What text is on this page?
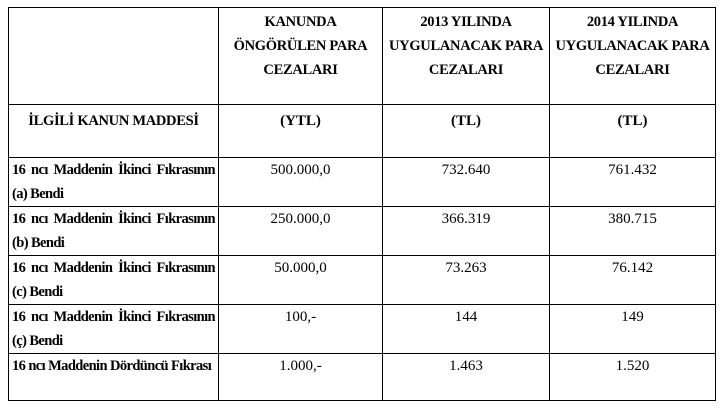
	KANUNDA ÖNGÖRÜLEN PARA CEZALARI	2013 YILINDA UYGULANACAK PARA CEZALARI	2014 YILINDA UYGULANACAK PARA CEZALARI
İLGİLİ KANUN MADDESİ	(YTL)	(TL)	(TL)
16 ncı Maddenin İkinci Fıkrasının (a) Bendi	500.000,0	732.640	761.432
16 ncı Maddenin İkinci Fıkrasının (b) Bendi	250.000,0	366.319	380.715
16 ncı Maddenin İkinci Fıkrasının (c) Bendi	50.000,0	73.263	76.142
16 ncı Maddenin İkinci Fıkrasının (ç) Bendi	100,-	144	149
16 ncı Maddenin Dördüncü Fıkrası	1.000,-	1.463	1.520
